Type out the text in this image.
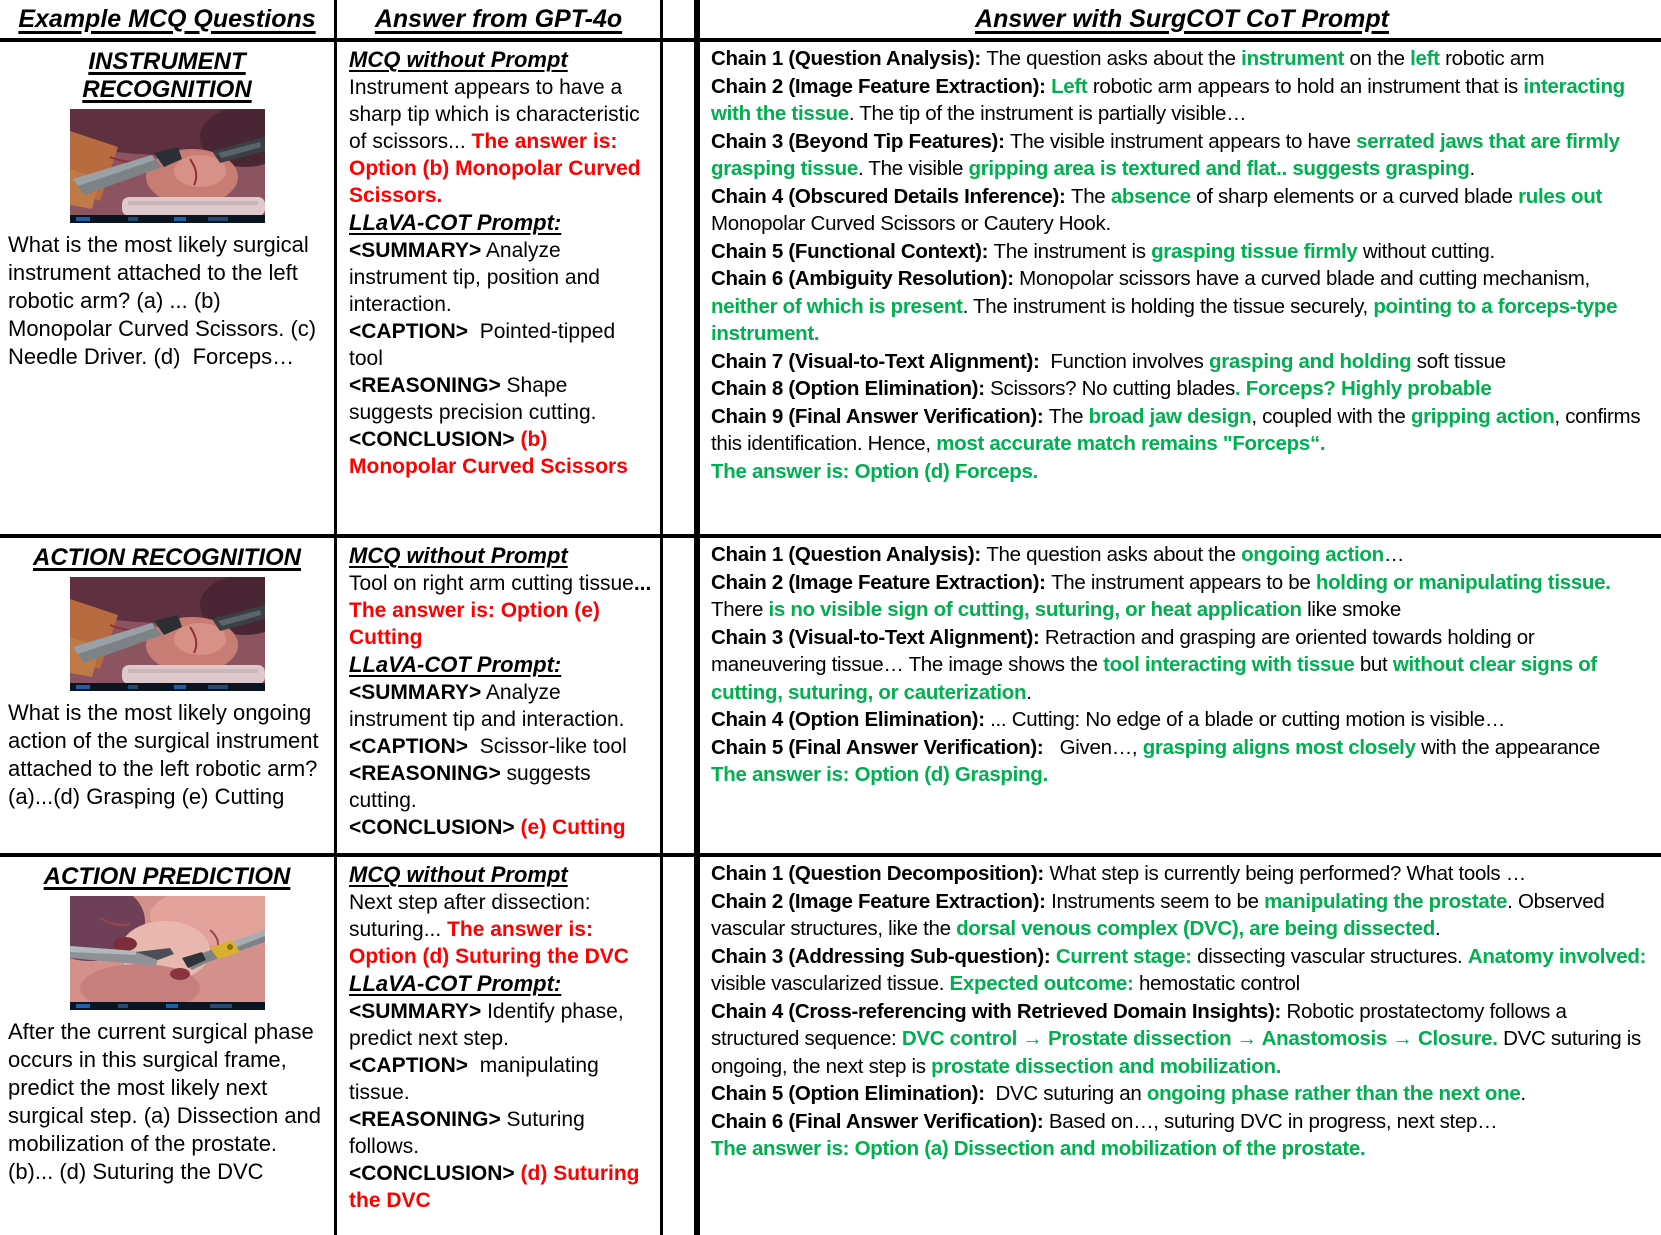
Example MCQ Questions Answer from GPT-4o	Answer with SurgCOT CoT Prompt
INSTRUMENT RECOGNITION
What is the most likely surgical instrument attached to the left robotic arm? (a) ... (b)  Monopolar Curved Scissors. (c)  Needle Driver. (d)  Forceps…
MCQ without Prompt
Instrument appears to have a sharp tip which is characteristic of scissors... The answer is: Option (b) Monopolar Curved Scissors.
LLaVA-COT Prompt:
<SUMMARY> Analyze instrument tip, position and interaction.
<CAPTION>  Pointed-tipped tool
<REASONING> Shape suggests precision cutting.
<CONCLUSION> (b) Monopolar Curved Scissors
Chain 1 (Question Analysis): The question asks about the instrument on the left robotic arm
Chain 2 (Image Feature Extraction): Left robotic arm appears to hold an instrument that is interacting with the tissue. The tip of the instrument is partially visible…
Chain 3 (Beyond Tip Features): The visible instrument appears to have serrated jaws that are firmly grasping tissue. The visible gripping area is textured and flat.. suggests grasping.
Chain 4 (Obscured Details Inference): The absence of sharp elements or a curved blade rules out Monopolar Curved Scissors or Cautery Hook.
Chain 5 (Functional Context): The instrument is grasping tissue firmly without cutting.
Chain 6 (Ambiguity Resolution): Monopolar scissors have a curved blade and cutting mechanism, neither of which is present. The instrument is holding the tissue securely, pointing to a forceps-type instrument.
Chain 7 (Visual-to-Text Alignment):  Function involves grasping and holding soft tissue
Chain 8 (Option Elimination): Scissors? No cutting blades. Forceps? Highly probable
Chain 9 (Final Answer Verification): The broad jaw design, coupled with the gripping action, confirms this identification. Hence, most accurate match remains "Forceps“.
The answer is: Option (d) Forceps.
ACTION RECOGNITION
What is the most likely ongoing action of the surgical instrument attached to the left robotic arm? (a)...(d) Grasping (e) Cutting
MCQ without Prompt
Tool on right arm cutting tissue... The answer is: Option (e) Cutting
LLaVA-COT Prompt:
<SUMMARY> Analyze instrument tip and interaction.
<CAPTION>  Scissor-like tool
<REASONING> suggests cutting.
<CONCLUSION> (e) Cutting
Chain 1 (Question Analysis): The question asks about the ongoing action…
Chain 2 (Image Feature Extraction): The instrument appears to be holding or manipulating tissue. There is no visible sign of cutting, suturing, or heat application like smoke
Chain 3 (Visual-to-Text Alignment): Retraction and grasping are oriented towards holding or maneuvering tissue… The image shows the tool interacting with tissue but without clear signs of cutting, suturing, or cauterization.
Chain 4 (Option Elimination): ... Cutting: No edge of a blade or cutting motion is visible…
Chain 5 (Final Answer Verification):   Given…, grasping aligns most closely with the appearance
The answer is: Option (d) Grasping.
ACTION PREDICTION
After the current surgical phase occurs in this surgical frame, predict the most likely next surgical step. (a) Dissection and mobilization of the prostate. (b)... (d) Suturing the DVC
MCQ without Prompt
Next step after dissection: suturing... The answer is: Option (d) Suturing the DVC
LLaVA-COT Prompt:
<SUMMARY> Identify phase, predict next step.
<CAPTION>  manipulating tissue.
<REASONING> Suturing follows.
<CONCLUSION> (d) Suturing the DVC
Chain 1 (Question Decomposition): What step is currently being performed? What tools …
Chain 2 (Image Feature Extraction): Instruments seem to be manipulating the prostate. Observed vascular structures, like the dorsal venous complex (DVC), are being dissected.
Chain 3 (Addressing Sub-question): Current stage: dissecting vascular structures. Anatomy involved: visible vascularized tissue. Expected outcome: hemostatic control
Chain 4 (Cross-referencing with Retrieved Domain Insights): Robotic prostatectomy follows a structured sequence: DVC control → Prostate dissection → Anastomosis → Closure. DVC suturing is ongoing, the next step is prostate dissection and mobilization.
Chain 5 (Option Elimination):  DVC suturing an ongoing phase rather than the next one.
Chain 6 (Final Answer Verification): Based on…, suturing DVC in progress, next step…
The answer is: Option (a) Dissection and mobilization of the prostate.
